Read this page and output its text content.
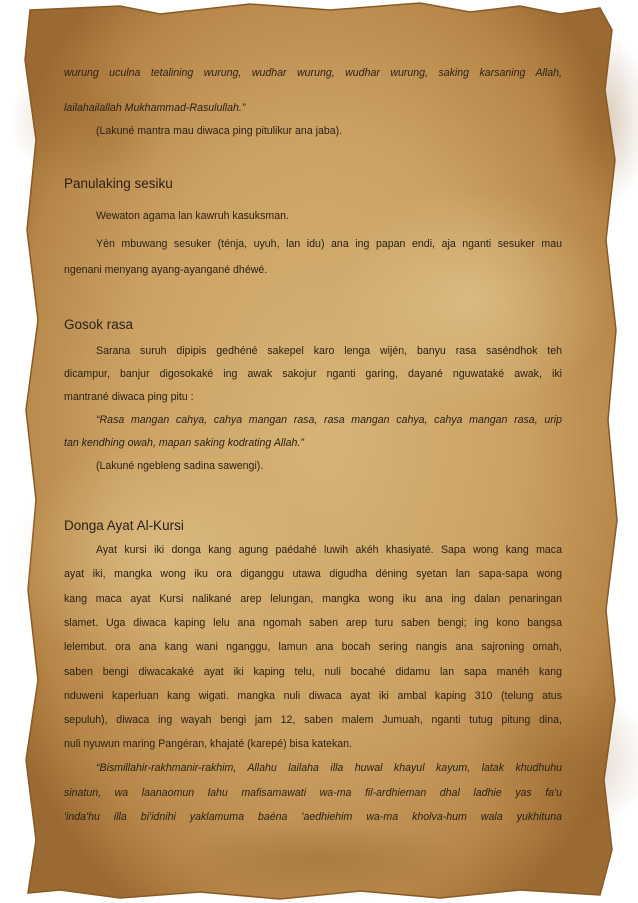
wurung uculna tetalining wurung, wudhar wurung, wudhar wurung, saking karsaning Allah,
lailahailallah Mukhammad-Rasulullah.”
(Lakuné mantra mau diwaca ping pitulikur ana jaba).
Panulaking sesiku
Wewaton agama lan kawruh kasuksman.
Yèn mbuwang sesuker (ténja, uyuh, lan idu) ana ing papan endi, aja nganti sesuker mau
ngenani menyang ayang-ayangané dhéwé.
Gosok rasa
Sarana suruh dipipis gedhéné sakepel karo lenga wijén, banyu rasa saséndhok teh
dicampur, banjur digosokaké ing awak sakojur nganti garing, dayané nguwataké awak, iki
mantrané diwaca ping pitu :
“Rasa mangan cahya, cahya mangan rasa, rasa mangan cahya, cahya mangan rasa, urip
tan kendhing owah, mapan saking kodrating Allah.”
(Lakuné ngebleng sadina sawengi).
Donga Ayat Al-Kursi
Ayat kursi iki donga kang agung paédahé luwih akéh khasiyaté. Sapa wong kang maca
ayat iki, mangka wong iku ora diganggu utawa digudha déning syetan lan sapa-sapa wong
kang maca ayat Kursi nalikané arep lelungan, mangka wong iku ana ing dalan penaringan
slamet. Uga diwaca kaping lelu ana ngomah saben arep turu saben bengi; ing kono bangsa
lelembut. ora ana kang wani nganggu, lamun ana bocah sering nangis ana sajroning omah,
saben bengi diwacakaké ayat iki kaping telu, nuli bocahé didamu lan sapa manéh kang
nduweni kaperluan kang wigati. mangka nuli diwaca ayat iki ambal kaping 310 (telung atus
sepuluh), diwaca ing wayah bengi jam 12, saben malem Jumuah, nganti tutug pitung dina,
nuli nyuwun maring Pangéran, khajaté (karepé) bisa katekan.
“Bismillahir-rakhmanir-rakhim, Allahu lailaha illa huwal khayul kayum, latak khudhuhu
sinatun, wa laanaomun lahu mafisamawati wa-ma fil-ardhieman dhal ladhie yas fa'u
'inda'hu illa bi'idnihi yaklamuma baéna 'aedhiehim wa-ma kholva-hum wala yukhituna
